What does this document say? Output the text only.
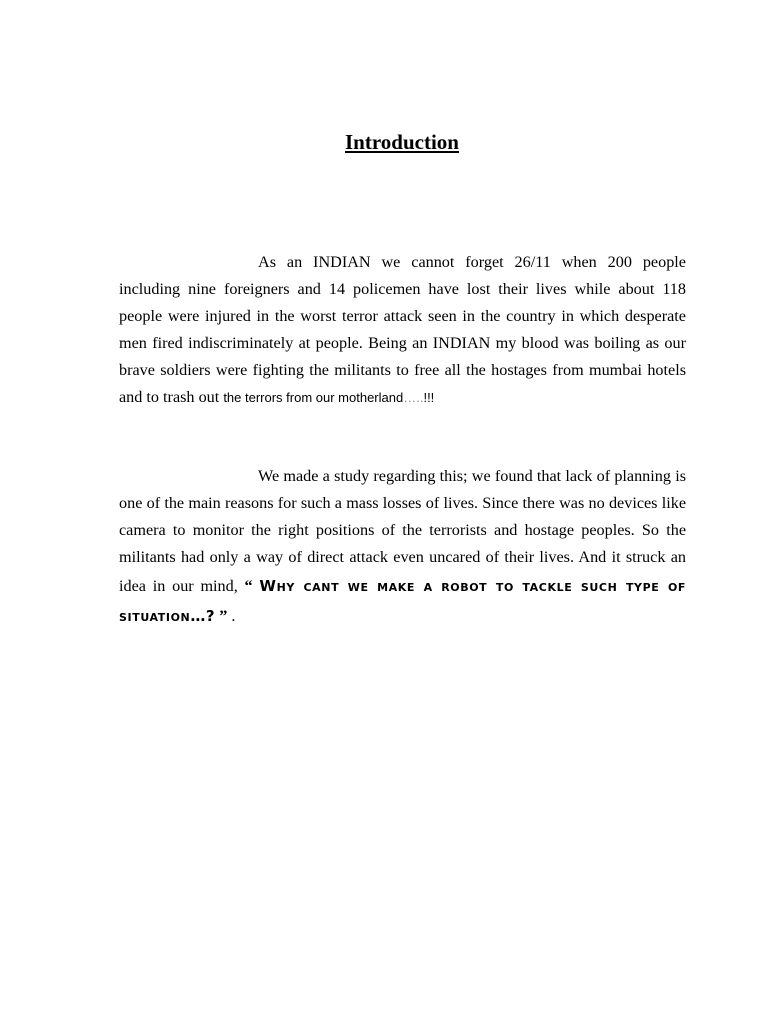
Introduction

As an INDIAN we cannot forget 26/11 when 200 people including nine foreigners and 14 policemen have lost their lives while about 118 people were injured in the worst terror attack seen in the country in which desperate men fired indiscriminately at people. Being an INDIAN my blood was boiling as our brave soldiers were fighting the militants to free all the hostages from mumbai hotels and to trash out the terrors from our motherland…..!!!

We made a study regarding this; we found that lack of planning is one of the main reasons for such a mass losses of lives. Since there was no devices like camera to monitor the right positions of the terrorists and hostage peoples. So the militants had only a way of direct attack even uncared of their lives. And it struck an idea in our mind, “ Why cant we make a robot to tackle such type of situation…? ” .
